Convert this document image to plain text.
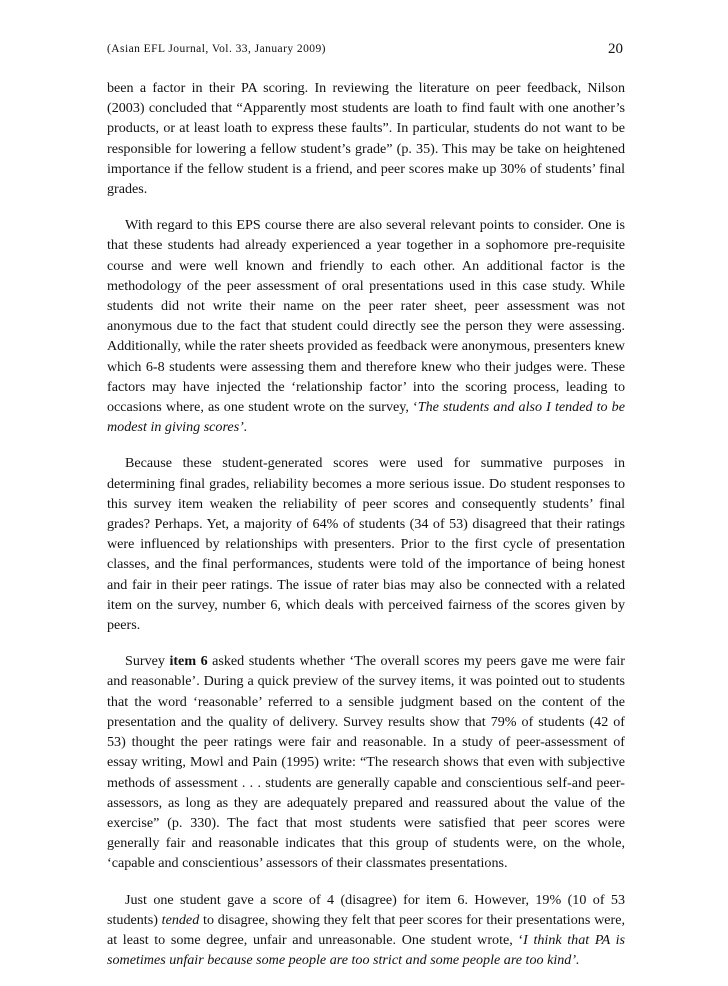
(Asian EFL Journal, Vol. 33, January 2009)	20

been a factor in their PA scoring. In reviewing the literature on peer feedback, Nilson (2003) concluded that “Apparently most students are loath to find fault with one another’s products, or at least loath to express these faults”. In particular, students do not want to be responsible for lowering a fellow student’s grade” (p. 35). This may be take on heightened importance if the fellow student is a friend, and peer scores make up 30% of students’ final grades.

With regard to this EPS course there are also several relevant points to consider. One is that these students had already experienced a year together in a sophomore pre-requisite course and were well known and friendly to each other. An additional factor is the methodology of the peer assessment of oral presentations used in this case study. While students did not write their name on the peer rater sheet, peer assessment was not anonymous due to the fact that student could directly see the person they were assessing. Additionally, while the rater sheets provided as feedback were anonymous, presenters knew which 6-8 students were assessing them and therefore knew who their judges were. These factors may have injected the ‘relationship factor’ into the scoring process, leading to occasions where, as one student wrote on the survey, ‘The students and also I tended to be modest in giving scores’.

Because these student-generated scores were used for summative purposes in determining final grades, reliability becomes a more serious issue. Do student responses to this survey item weaken the reliability of peer scores and consequently students’ final grades? Perhaps. Yet, a majority of 64% of students (34 of 53) disagreed that their ratings were influenced by relationships with presenters. Prior to the first cycle of presentation classes, and the final performances, students were told of the importance of being honest and fair in their peer ratings. The issue of rater bias may also be connected with a related item on the survey, number 6, which deals with perceived fairness of the scores given by peers.

Survey item 6 asked students whether ‘The overall scores my peers gave me were fair and reasonable’. During a quick preview of the survey items, it was pointed out to students that the word ‘reasonable’ referred to a sensible judgment based on the content of the presentation and the quality of delivery. Survey results show that 79% of students (42 of 53) thought the peer ratings were fair and reasonable. In a study of peer-assessment of essay writing, Mowl and Pain (1995) write: “The research shows that even with subjective methods of assessment . . . students are generally capable and conscientious self-and peer-assessors, as long as they are adequately prepared and reassured about the value of the exercise” (p. 330). The fact that most students were satisfied that peer scores were generally fair and reasonable indicates that this group of students were, on the whole, ‘capable and conscientious’ assessors of their classmates presentations.

Just one student gave a score of 4 (disagree) for item 6. However, 19% (10 of 53 students) tended to disagree, showing they felt that peer scores for their presentations were, at least to some degree, unfair and unreasonable. One student wrote, ‘I think that PA is sometimes unfair because some people are too strict and some people are too kind’.
